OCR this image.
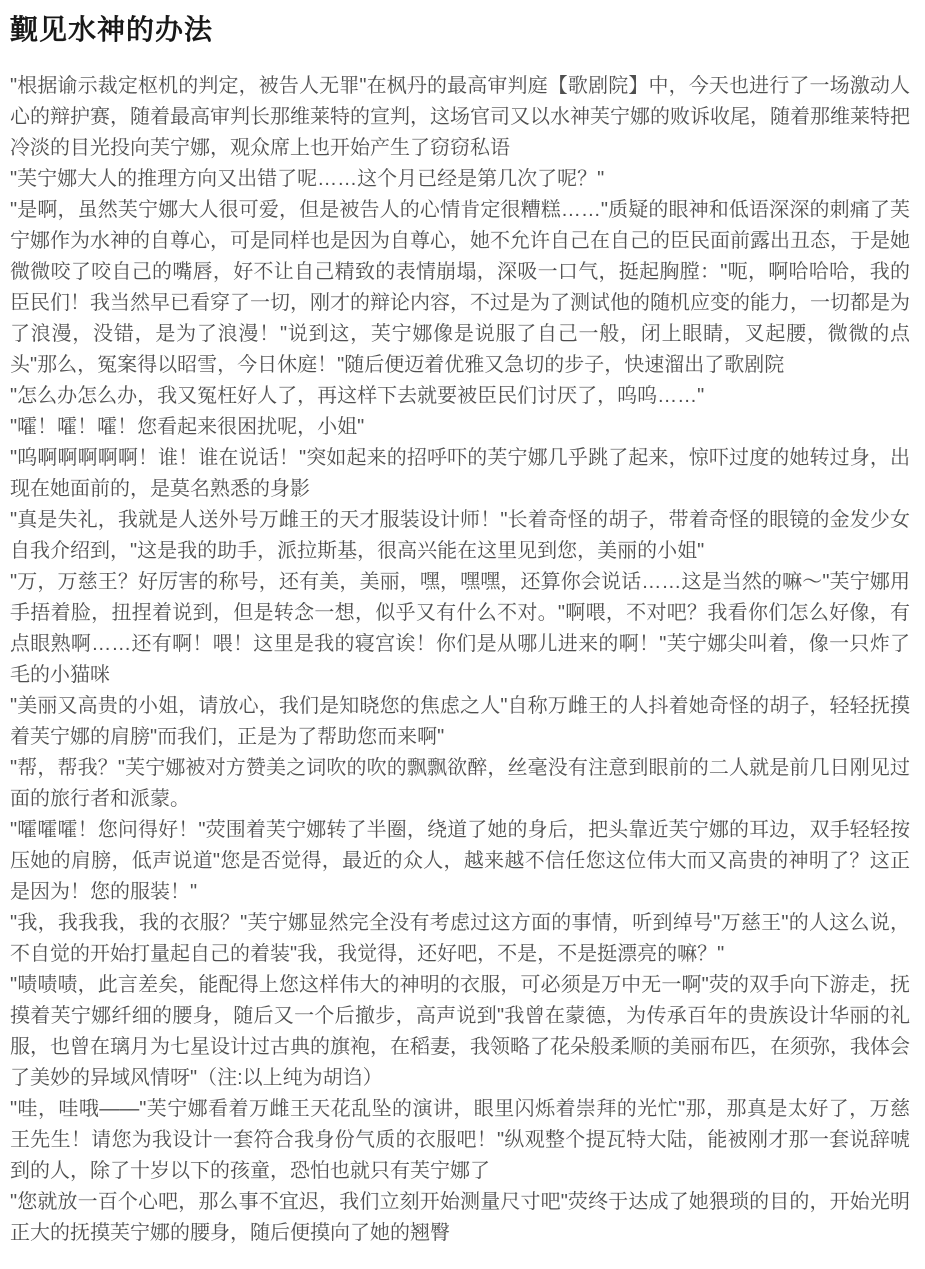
觐见水神的办法

"根据谕示裁定枢机的判定，被告人无罪"在枫丹的最高审判庭【歌剧院】中，今天也进行了一场激动人心的辩护赛，随着最高审判长那维莱特的宣判，这场官司又以水神芙宁娜的败诉收尾，随着那维莱特把冷淡的目光投向芙宁娜，观众席上也开始产生了窃窃私语

"芙宁娜大人的推理方向又出错了呢……这个月已经是第几次了呢？"

"是啊，虽然芙宁娜大人很可爱，但是被告人的心情肯定很糟糕……"质疑的眼神和低语深深的刺痛了芙宁娜作为水神的自尊心，可是同样也是因为自尊心，她不允许自己在自己的臣民面前露出丑态，于是她微微咬了咬自己的嘴唇，好不让自己精致的表情崩塌，深吸一口气，挺起胸膛："呃，啊哈哈哈，我的臣民们！我当然早已看穿了一切，刚才的辩论内容，不过是为了测试他的随机应变的能力，一切都是为了浪漫，没错，是为了浪漫！"说到这，芙宁娜像是说服了自己一般，闭上眼睛，叉起腰，微微的点头"那么，冤案得以昭雪，今日休庭！"随后便迈着优雅又急切的步子，快速溜出了歌剧院

"怎么办怎么办，我又冤枉好人了，再这样下去就要被臣民们讨厌了，呜呜……"

"嚯！嚯！嚯！您看起来很困扰呢，小姐"

"呜啊啊啊啊啊！谁！谁在说话！"突如起来的招呼吓的芙宁娜几乎跳了起来，惊吓过度的她转过身，出现在她面前的，是莫名熟悉的身影

"真是失礼，我就是人送外号万雌王的天才服装设计师！"长着奇怪的胡子，带着奇怪的眼镜的金发少女自我介绍到，"这是我的助手，派拉斯基，很高兴能在这里见到您，美丽的小姐"

"万，万慈王？好厉害的称号，还有美，美丽，嘿，嘿嘿，还算你会说话……这是当然的嘛～"芙宁娜用手捂着脸，扭捏着说到，但是转念一想，似乎又有什么不对。"啊喂，不对吧？我看你们怎么好像，有点眼熟啊……还有啊！喂！这里是我的寝宫诶！你们是从哪儿进来的啊！"芙宁娜尖叫着，像一只炸了毛的小猫咪

"美丽又高贵的小姐，请放心，我们是知晓您的焦虑之人"自称万雌王的人抖着她奇怪的胡子，轻轻抚摸着芙宁娜的肩膀"而我们，正是为了帮助您而来啊"

"帮，帮我？"芙宁娜被对方赞美之词吹的吹的飘飘欲醉，丝毫没有注意到眼前的二人就是前几日刚见过面的旅行者和派蒙。

"嚯嚯嚯！您问得好！"荧围着芙宁娜转了半圈，绕道了她的身后，把头靠近芙宁娜的耳边，双手轻轻按压她的肩膀，低声说道"您是否觉得，最近的众人，越来越不信任您这位伟大而又高贵的神明了？这正是因为！您的服装！"

"我，我我我，我的衣服？"芙宁娜显然完全没有考虑过这方面的事情，听到绰号"万慈王"的人这么说，不自觉的开始打量起自己的着装"我，我觉得，还好吧，不是，不是挺漂亮的嘛？"

"啧啧啧，此言差矣，能配得上您这样伟大的神明的衣服，可必须是万中无一啊"荧的双手向下游走，抚摸着芙宁娜纤细的腰身，随后又一个后撤步，高声说到"我曾在蒙德，为传承百年的贵族设计华丽的礼服，也曾在璃月为七星设计过古典的旗袍，在稻妻，我领略了花朵般柔顺的美丽布匹，在须弥，我体会了美妙的异域风情呀"（注:以上纯为胡诌）

"哇，哇哦——"芙宁娜看着万雌王天花乱坠的演讲，眼里闪烁着崇拜的光忙"那，那真是太好了，万慈王先生！请您为我设计一套符合我身份气质的衣服吧！"纵观整个提瓦特大陆，能被刚才那一套说辞唬到的人，除了十岁以下的孩童，恐怕也就只有芙宁娜了

"您就放一百个心吧，那么事不宜迟，我们立刻开始测量尺寸吧"荧终于达成了她猥琐的目的，开始光明正大的抚摸芙宁娜的腰身，随后便摸向了她的翘臀
